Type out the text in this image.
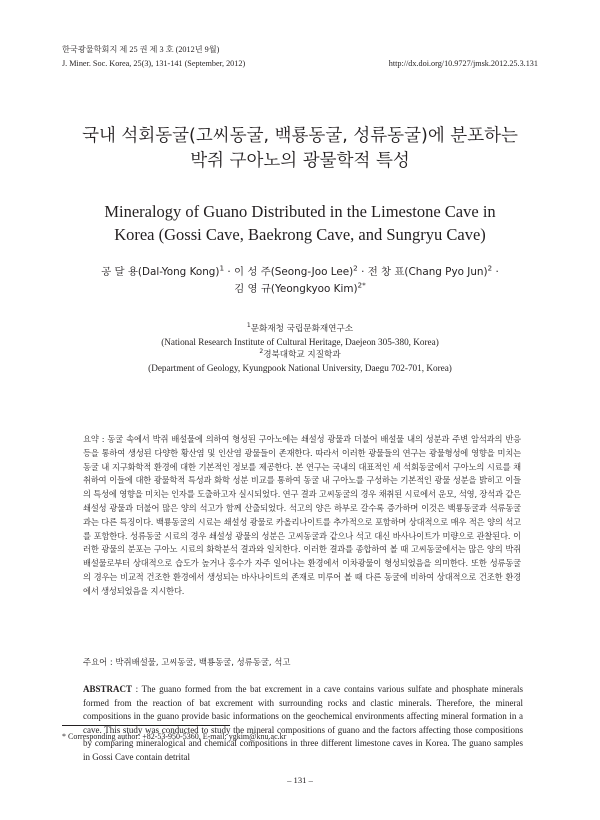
한국광물학회지 제 25 권 제 3 호 (2012년 9월)
J. Miner. Soc. Korea, 25(3), 131-141 (September, 2012)	http://dx.doi.org/10.9727/jmsk.2012.25.3.131
국내 석회동굴(고씨동굴, 백룡동굴, 성류동굴)에 분포하는
박쥐 구아노의 광물학적 특성
Mineralogy of Guano Distributed in the Limestone Cave in
Korea (Gossi Cave, Baekrong Cave, and Sungryu Cave)
공 달 용(Dal-Yong Kong)$^1$ · 이 성 주(Seong-Joo Lee)$^2$ · 전 창 표(Chang Pyo Jun)$^2$ ·
김 영 규(Yeongkyoo Kim)$^{2*}$
$^1$문화재청 국립문화재연구소
(National Research Institute of Cultural Heritage, Daejeon 305-380, Korea)
$^2$경북대학교 지질학과
(Department of Geology, Kyungpook National University, Daegu 702-701, Korea)
요약 : 동굴 속에서 박쥐 배설물에 의하여 형성된 구아노에는 쇄설성 광물과 더불어 배설물 내의 성분과 주변 암석과의 반응 등을 통하여 생성된 다양한 황산염 및 인산염 광물들이 존재한다. 따라서 이러한 광물들의 연구는 광물형성에 영향을 미치는 동굴 내 지구화학적 환경에 대한 기본적인 정보를 제공한다. 본 연구는 국내의 대표적인 세 석회동굴에서 구아노의 시료를 채취하여 이들에 대한 광물학적 특성과 화학 성분 비교를 통하여 동굴 내 구아노를 구성하는 기본적인 광물 성분을 밝히고 이들의 특성에 영향을 미치는 인자를 도출하고자 실시되었다. 연구 결과 고씨동굴의 경우 채취된 시료에서 운모, 석영, 장석과 같은 쇄설성 광물과 더불어 많은 양의 석고가 함께 산출되었다. 석고의 양은 하부로 갈수록 증가하며 이것은 백룡동굴과 석류동굴과는 다른 특징이다. 백룡동굴의 시료는 쇄설성 광물로 카올리나이트를 추가적으로 포함하며 상대적으로 매우 적은 양의 석고를 포함한다. 성류동굴 시료의 경우 쇄설성 광물의 성분은 고씨동굴과 같으나 석고 대신 바사나이트가 미량으로 관찰된다. 이러한 광물의 분포는 구아노 시료의 화학분석 결과와 일치한다. 이러한 결과를 종합하여 볼 때 고씨동굴에서는 많은 양의 박쥐 배설물로부터 상대적으로 습도가 높거나 홍수가 자주 일어나는 환경에서 이차광물이 형성되었음을 의미한다. 또한 성류동굴의 경우는 비교적 건조한 환경에서 생성되는 바사나이트의 존재로 미루어 볼 때 다른 동굴에 비하여 상대적으로 건조한 환경에서 생성되었음을 지시한다.
주요어 : 박쥐배설물, 고씨동굴, 백룡동굴, 성류동굴, 석고
ABSTRACT : The guano formed from the bat excrement in a cave contains various sulfate and phosphate minerals formed from the reaction of bat excrement with surrounding rocks and clastic minerals. Therefore, the mineral compositions in the guano provide basic informations on the geochemical environments affecting mineral formation in a cave. This study was conducted to study the mineral compositions of guano and the factors affecting those compositions by comparing mineralogical and chemical compositions in three different limestone caves in Korea. The guano samples in Gossi Cave contain detrital
* Corresponding author: +82-53-950-5360, E-mail: ygkim@knu.ac.kr
– 131 –
